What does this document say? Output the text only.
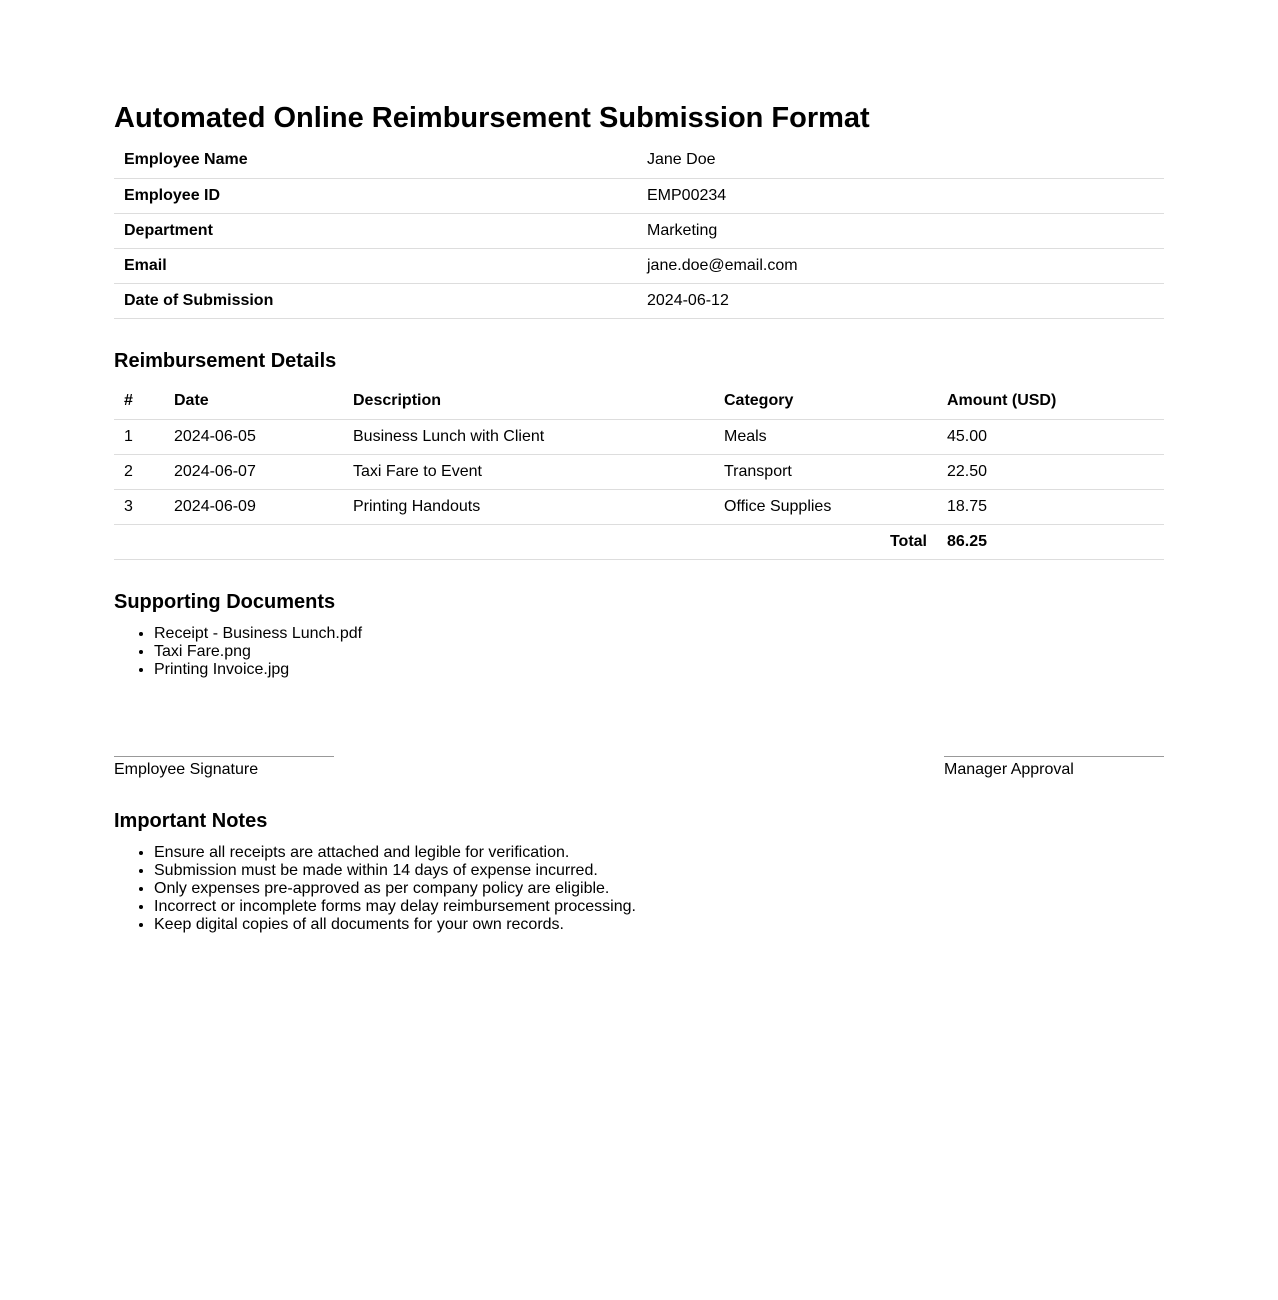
Automated Online Reimbursement Submission Format
Employee Name	Jane Doe
Employee ID	EMP00234
Department	Marketing
Email	jane.doe@email.com
Date of Submission	2024-06-12
Reimbursement Details
#	Date	Description	Category	Amount (USD)
1	2024-06-05	Business Lunch with Client	Meals	45.00
2	2024-06-07	Taxi Fare to Event	Transport	22.50
3	2024-06-09	Printing Handouts	Office Supplies	18.75
Total				86.25
Supporting Documents
• Receipt - Business Lunch.pdf
• Taxi Fare.png
• Printing Invoice.jpg
Employee Signature	Manager Approval
Important Notes
• Ensure all receipts are attached and legible for verification.
• Submission must be made within 14 days of expense incurred.
• Only expenses pre-approved as per company policy are eligible.
• Incorrect or incomplete forms may delay reimbursement processing.
• Keep digital copies of all documents for your own records.
